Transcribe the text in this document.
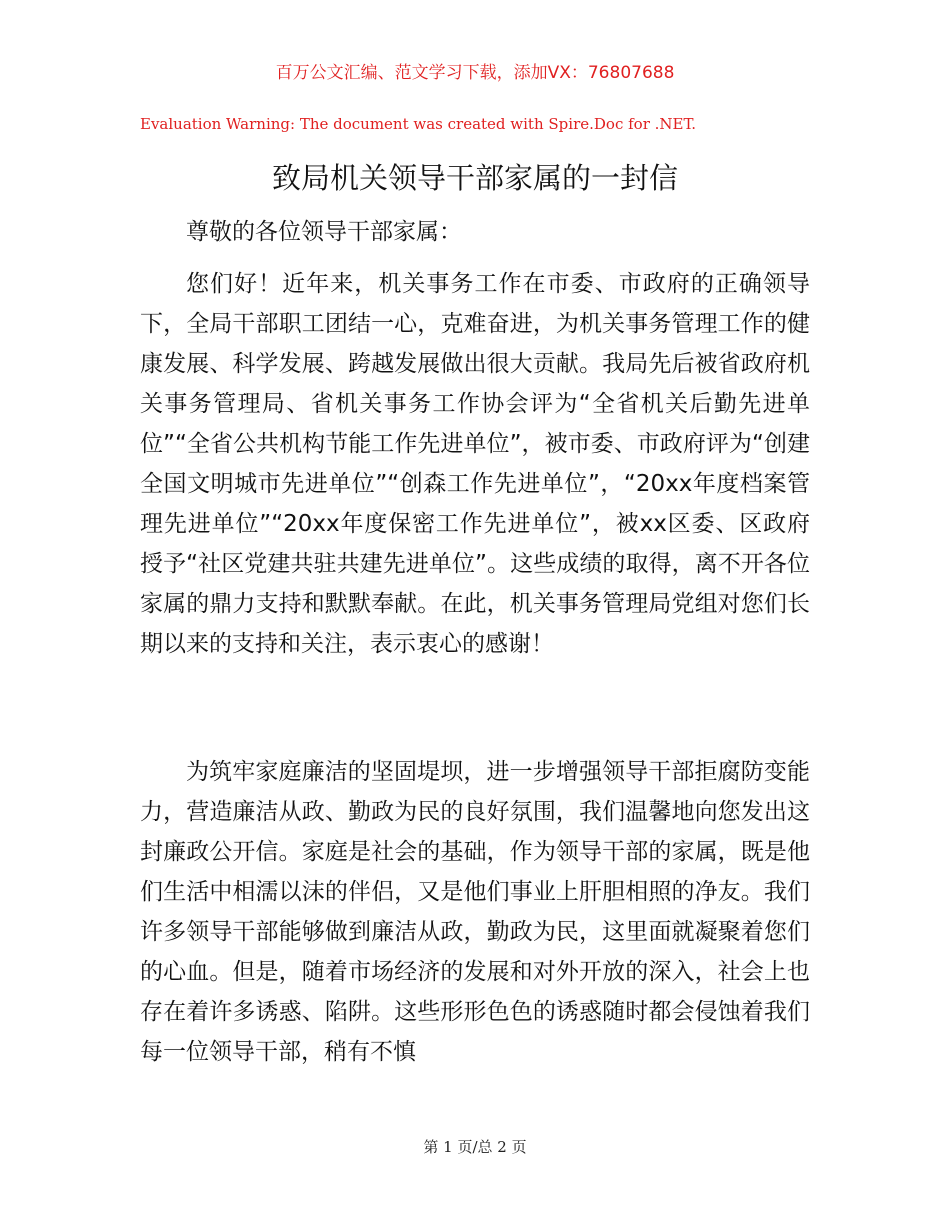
百万公文汇编、范文学习下载，添加VX：76807688
Evaluation Warning: The document was created with Spire.Doc for .NET.
致局机关领导干部家属的一封信

尊敬的各位领导干部家属：

您们好！近年来，机关事务工作在市委、市政府的正确领导下，全局干部职工团结一心，克难奋进，为机关事务管理工作的健康发展、科学发展、跨越发展做出很大贡献。我局先后被省政府机关事务管理局、省机关事务工作协会评为“全省机关后勤先进单位”“全省公共机构节能工作先进单位”，被市委、市政府评为“创建全国文明城市先进单位”“创森工作先进单位”，“20xx年度档案管理先进单位”“20xx年度保密工作先进单位”，被xx区委、区政府授予“社区党建共驻共建先进单位”。这些成绩的取得，离不开各位家属的鼎力支持和默默奉献。在此，机关事务管理局党组对您们长期以来的支持和关注，表示衷心的感谢！

为筑牢家庭廉洁的坚固堤坝，进一步增强领导干部拒腐防变能力，营造廉洁从政、勤政为民的良好氛围，我们温馨地向您发出这封廉政公开信。家庭是社会的基础，作为领导干部的家属，既是他们生活中相濡以沫的伴侣，又是他们事业上肝胆相照的净友。我们许多领导干部能够做到廉洁从政，勤政为民，这里面就凝聚着您们的心血。但是，随着市场经济的发展和对外开放的深入，社会上也存在着许多诱惑、陷阱。这些形形色色的诱惑随时都会侵蚀着我们每一位领导干部，稍有不慎

第 1 页/总 2 页
